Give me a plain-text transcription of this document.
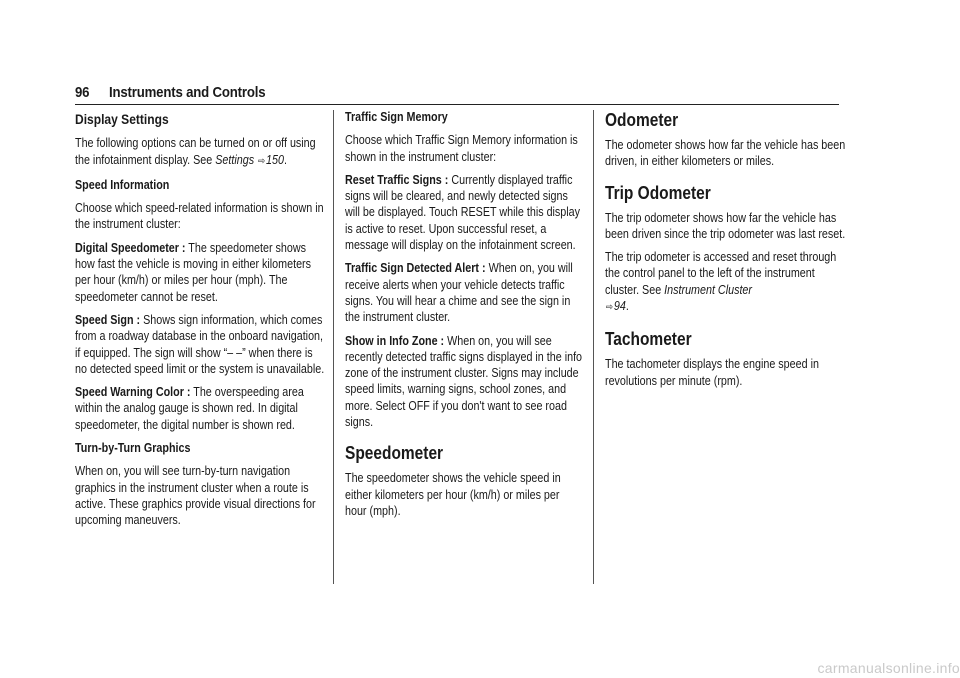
96 Instruments and Controls
Display Settings

The following options can be turned on or off using the infotainment display. See Settings ⇨150.

Speed Information

Choose which speed-related information is shown in the instrument cluster:

Digital Speedometer : The speedometer shows how fast the vehicle is moving in either kilometers per hour (km/h) or miles per hour (mph). The speedometer cannot be reset.

Speed Sign : Shows sign information, which comes from a roadway database in the onboard navigation, if equipped. The sign will show “– –” when there is no detected speed limit or the system is unavailable.

Speed Warning Color : The overspeeding area within the analog gauge is shown red. In digital speedometer, the digital number is shown red.

Turn-by-Turn Graphics

When on, you will see turn-by-turn navigation graphics in the instrument cluster when a route is active. These graphics provide visual directions for upcoming maneuvers.

Traffic Sign Memory

Choose which Traffic Sign Memory information is shown in the instrument cluster:

Reset Traffic Signs : Currently displayed traffic signs will be cleared, and newly detected signs will be displayed. Touch RESET while this display is active to reset. Upon successful reset, a message will display on the infotainment screen.

Traffic Sign Detected Alert : When on, you will receive alerts when your vehicle detects traffic signs. You will hear a chime and see the sign in the instrument cluster.

Show in Info Zone : When on, you will see recently detected traffic signs displayed in the info zone of the instrument cluster. Signs may include speed limits, warning signs, school zones, and more. Select OFF if you don't want to see road signs.

Speedometer

The speedometer shows the vehicle speed in either kilometers per hour (km/h) or miles per hour (mph).

Odometer

The odometer shows how far the vehicle has been driven, in either kilometers or miles.

Trip Odometer

The trip odometer shows how far the vehicle has been driven since the trip odometer was last reset.

The trip odometer is accessed and reset through the control panel to the left of the instrument cluster. See Instrument Cluster
⇨94.

Tachometer

The tachometer displays the engine speed in revolutions per minute (rpm).

carmanualsonline.info
